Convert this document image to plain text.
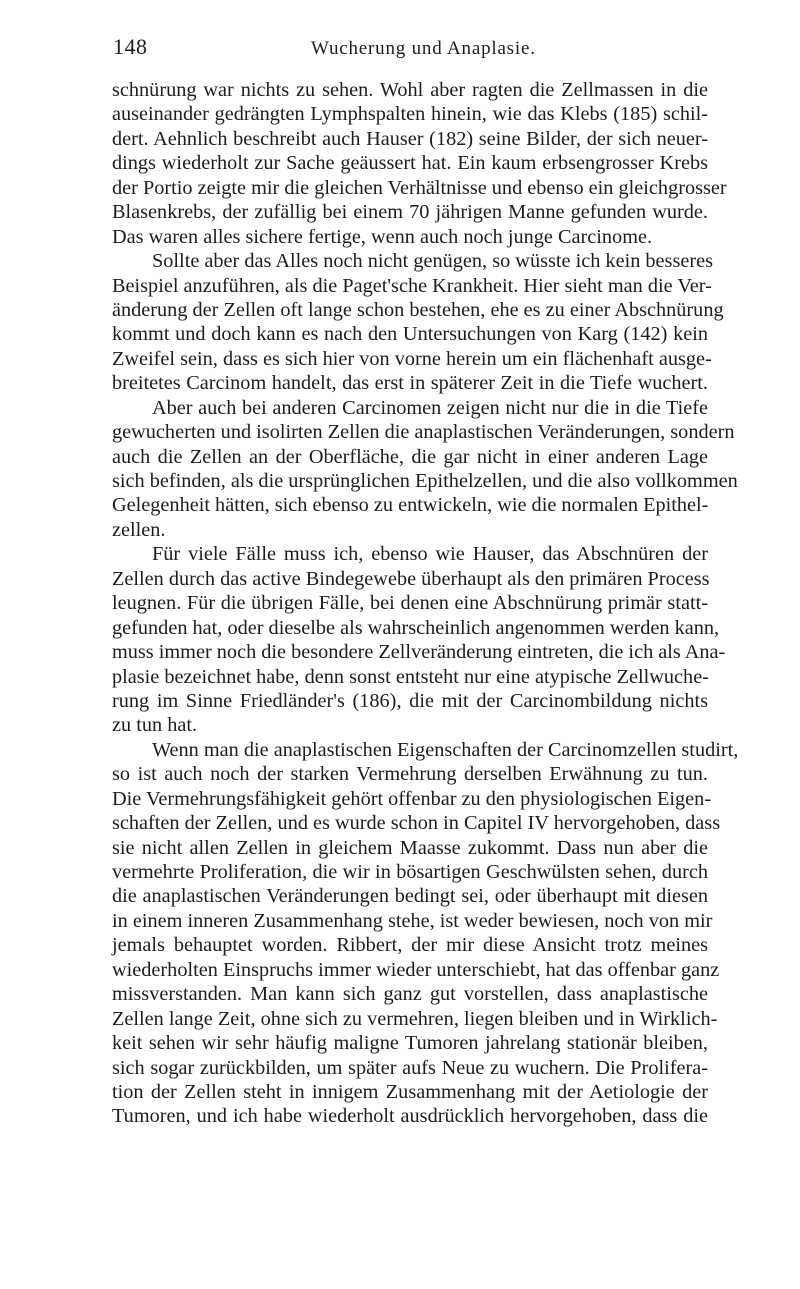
148	Wucherung und Anaplasie.
schnürung war nichts zu sehen. Wohl aber ragten die Zellmassen in die
auseinander gedrängten Lymphspalten hinein, wie das Klebs (185) schil-
dert. Aehnlich beschreibt auch Hauser (182) seine Bilder, der sich neuer-
dings wiederholt zur Sache geäussert hat. Ein kaum erbsengrosser Krebs
der Portio zeigte mir die gleichen Verhältnisse und ebenso ein gleichgrosser
Blasenkrebs, der zufällig bei einem 70 jährigen Manne gefunden wurde.
Das waren alles sichere fertige, wenn auch noch junge Carcinome.
Sollte aber das Alles noch nicht genügen, so wüsste ich kein besseres
Beispiel anzuführen, als die Paget'sche Krankheit. Hier sieht man die Ver-
änderung der Zellen oft lange schon bestehen, ehe es zu einer Abschnürung
kommt und doch kann es nach den Untersuchungen von Karg (142) kein
Zweifel sein, dass es sich hier von vorne herein um ein flächenhaft ausge-
breitetes Carcinom handelt, das erst in späterer Zeit in die Tiefe wuchert.
Aber auch bei anderen Carcinomen zeigen nicht nur die in die Tiefe
gewucherten und isolirten Zellen die anaplastischen Veränderungen, sondern
auch die Zellen an der Oberfläche, die gar nicht in einer anderen Lage
sich befinden, als die ursprünglichen Epithelzellen, und die also vollkommen
Gelegenheit hätten, sich ebenso zu entwickeln, wie die normalen Epithel-
zellen.
Für viele Fälle muss ich, ebenso wie Hauser, das Abschnüren der
Zellen durch das active Bindegewebe überhaupt als den primären Process
leugnen. Für die übrigen Fälle, bei denen eine Abschnürung primär statt-
gefunden hat, oder dieselbe als wahrscheinlich angenommen werden kann,
muss immer noch die besondere Zellveränderung eintreten, die ich als Ana-
plasie bezeichnet habe, denn sonst entsteht nur eine atypische Zellwuche-
rung im Sinne Friedländer's (186), die mit der Carcinombildung nichts
zu tun hat.
Wenn man die anaplastischen Eigenschaften der Carcinomzellen studirt,
so ist auch noch der starken Vermehrung derselben Erwähnung zu tun.
Die Vermehrungsfähigkeit gehört offenbar zu den physiologischen Eigen-
schaften der Zellen, und es wurde schon in Capitel IV hervorgehoben, dass
sie nicht allen Zellen in gleichem Maasse zukommt. Dass nun aber die
vermehrte Proliferation, die wir in bösartigen Geschwülsten sehen, durch
die anaplastischen Veränderungen bedingt sei, oder überhaupt mit diesen
in einem inneren Zusammenhang stehe, ist weder bewiesen, noch von mir
jemals behauptet worden. Ribbert, der mir diese Ansicht trotz meines
wiederholten Einspruchs immer wieder unterschiebt, hat das offenbar ganz
missverstanden. Man kann sich ganz gut vorstellen, dass anaplastische
Zellen lange Zeit, ohne sich zu vermehren, liegen bleiben und in Wirklich-
keit sehen wir sehr häufig maligne Tumoren jahrelang stationär bleiben,
sich sogar zurückbilden, um später aufs Neue zu wuchern. Die Prolifera-
tion der Zellen steht in innigem Zusammenhang mit der Aetiologie der
Tumoren, und ich habe wiederholt ausdrücklich hervorgehoben, dass die
